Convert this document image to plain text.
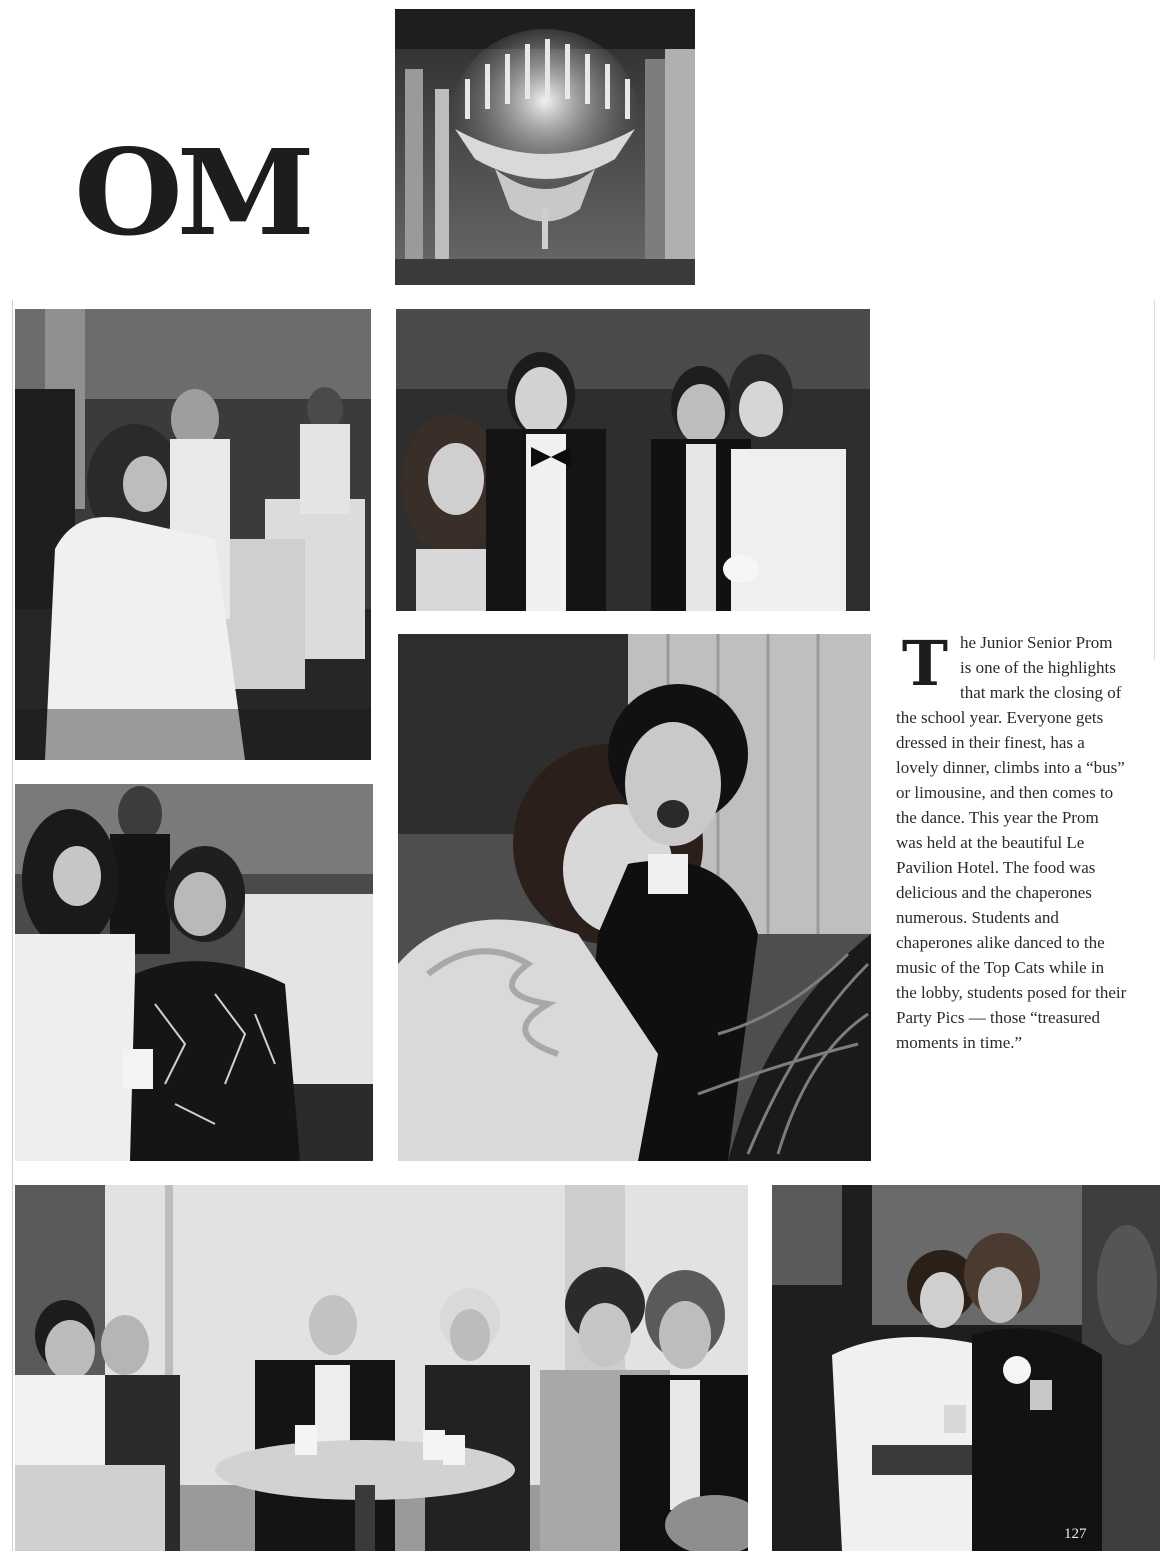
OM
T he Junior Senior Prom is one of the highlights that mark the closing of the school year. Everyone gets dressed in their finest, has a lovely dinner, climbs into a “bus” or limousine, and then comes to the dance. This year the Prom was held at the beautiful Le Pavilion Hotel. The food was delicious and the chaperones numerous. Students and chaperones alike danced to the music of the Top Cats while in the lobby, students posed for their Party Pics — those “treasured moments in time.”
127
